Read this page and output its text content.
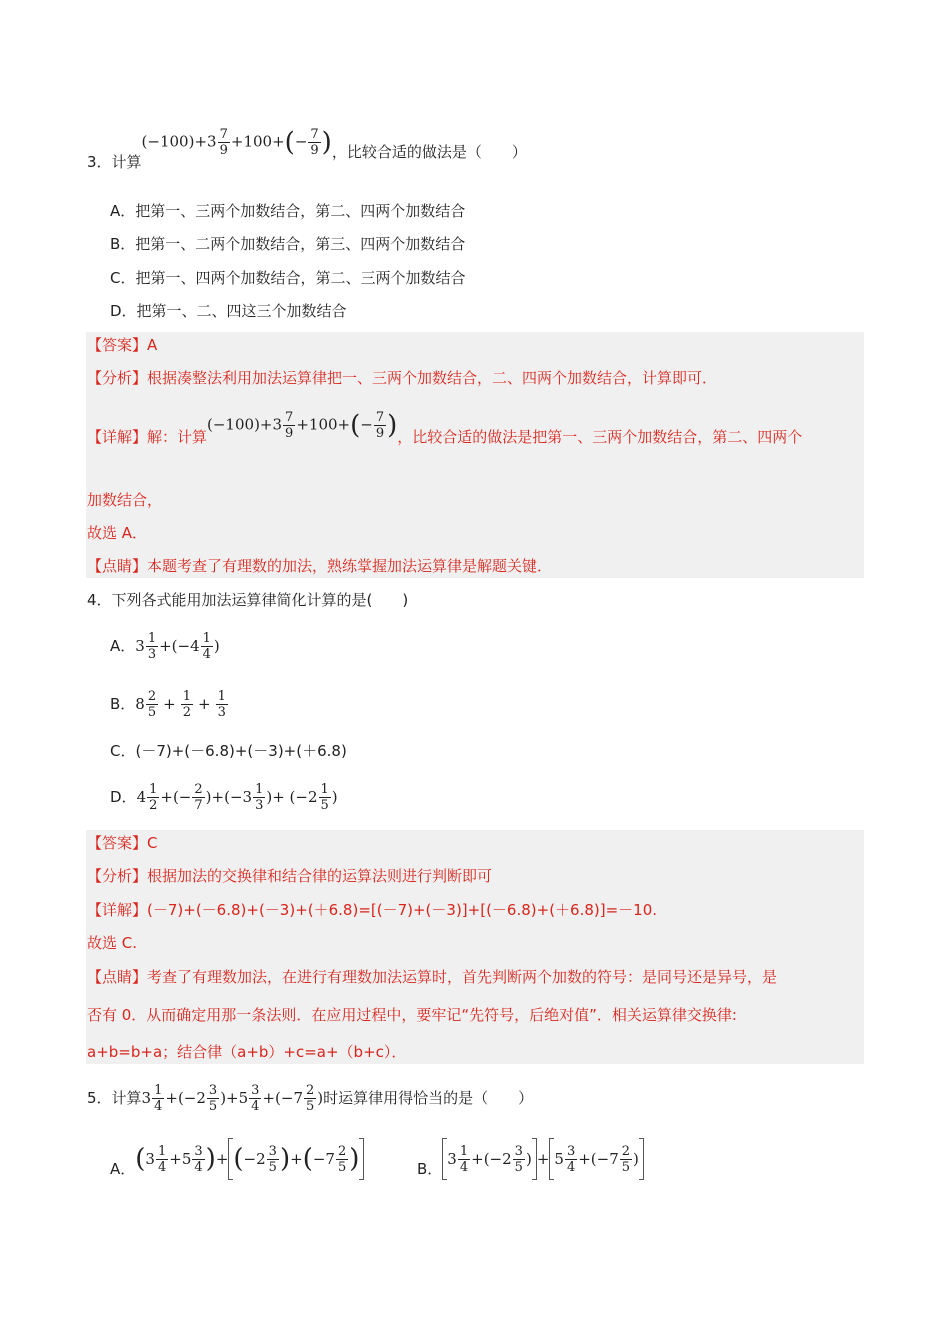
3．计算
$(-100)+3 \frac{7}{9} +100+(- \frac{7}{9}$ ) ，比较合适的做法是（　　）
A．把第一、三两个加数结合，第二、四两个加数结合
B．把第一、二两个加数结合，第三、四两个加数结合
C．把第一、四两个加数结合，第二、三两个加数结合
D．把第一、二、四这三个加数结合
【答案】A
【分析】根据凑整法利用加法运算律把一、三两个加数结合，二、四两个加数结合，计算即可．
【详解】解：计算
$(-100)+3 \frac{7}{9} +100+(- \frac{7}{9}$ ) ，比较合适的做法是把第一、三两个加数结合，第二、四两个
加数结合，
故选 A．
【点睛】本题考查了有理数的加法，熟练掌握加法运算律是解题关键．
4．下列各式能用加法运算律简化计算的是(　　)
A． $3 \frac{1}{3} +(-4 \frac{1}{4}$ )
B． $8 \frac{2}{5} + \frac{1}{2} + \frac{1}{3}$
C．(－7)+(－6.8)+(－3)+(＋6.8)
D． $4 \frac{1}{2}$ +(− $\frac{2}{7} )+(-3 \frac{1}{3}$ )+ ($-2 \frac{1}{5}$ )
【答案】C
【分析】根据加法的交换律和结合律的运算法则进行判断即可
【详解】(－7)+(－6.8)+(－3)+(＋6.8)=[(－7)+(－3)]+[(－6.8)+(＋6.8)]=－10.
故选 C.
【点睛】考查了有理数加法，在进行有理数加法运算时，首先判断两个加数的符号：是同号还是异号，是
否有 0．从而确定用那一条法则．在应用过程中，要牢记“先符号，后绝对值”．相关运算律交换律:
a+b=b+a；结合律（a+b）+c=a+（b+c）．
5．计算 $3 \frac{1}{4} +(-2 \frac{3}{5} )+5 \frac{3}{4} +(-7 \frac{2}{5}$ ) 时运算律用得恰当的是（　　）
A． ( $3 \frac{1}{4} +5 \frac{3}{4}$ ) + ( $-2 \frac{3}{5}$ ) + ( $-7 \frac{2}{5}$ )	B．
$3 \frac{1}{4} +(-2 \frac{3}{5}$ ) + $5 \frac{3}{4} +(-7 \frac{2}{5}$ )
